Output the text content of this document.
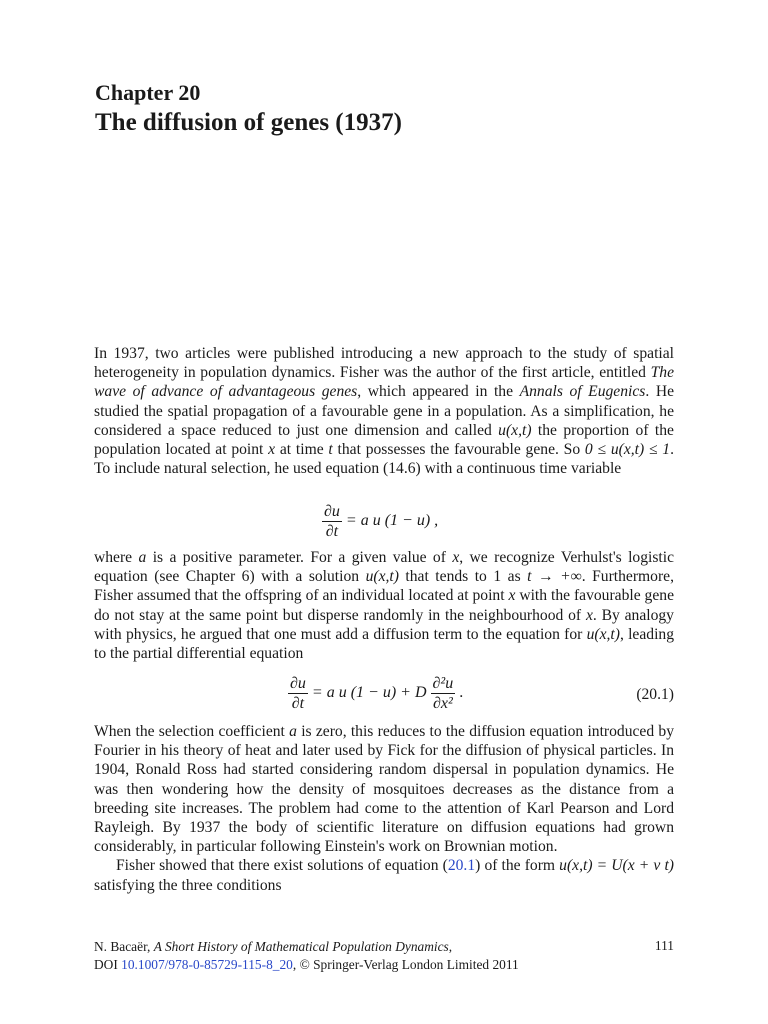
Chapter 20
The diffusion of genes (1937)

In 1937, two articles were published introducing a new approach to the study of spatial heterogeneity in population dynamics. Fisher was the author of the first article, entitled The wave of advance of advantageous genes, which appeared in the Annals of Eugenics. He studied the spatial propagation of a favourable gene in a population. As a simplification, he considered a space reduced to just one dimension and called u(x,t) the proportion of the population located at point x at time t that possesses the favourable gene. So 0 ≤ u(x,t) ≤ 1. To include natural selection, he used equation (14.6) with a continuous time variable

$\frac{\partial u}{\partial t} = a$ u (1 − u) ,

where a is a positive parameter. For a given value of x, we recognize Verhulst's logistic equation (see Chapter 6) with a solution u(x,t) that tends to 1 as t → +∞. Furthermore, Fisher assumed that the offspring of an individual located at point x with the favourable gene do not stay at the same point but disperse randomly in the neighbourhood of x. By analogy with physics, he argued that one must add a diffusion term to the equation for u(x,t), leading to the partial differential equation

$\frac{\partial u}{\partial t} = a$ u (1 − u) + D $\frac{\text{∂²u}}{\text{∂x²}}$ .	(20.1)

When the selection coefficient a is zero, this reduces to the diffusion equation introduced by Fourier in his theory of heat and later used by Fick for the diffusion of physical particles. In 1904, Ronald Ross had started considering random dispersal in population dynamics. He was then wondering how the density of mosquitoes decreases as the distance from a breeding site increases. The problem had come to the attention of Karl Pearson and Lord Rayleigh. By 1937 the body of scientific literature on diffusion equations had grown considerably, in particular following Einstein's work on Brownian motion.

Fisher showed that there exist solutions of equation (20.1) of the form u(x,t) = U(x + v t) satisfying the three conditions

N. Bacaër, A Short History of Mathematical Population Dynamics,
DOI 10.1007/978-0-85729-115-8_20, © Springer-Verlag London Limited 2011
111
